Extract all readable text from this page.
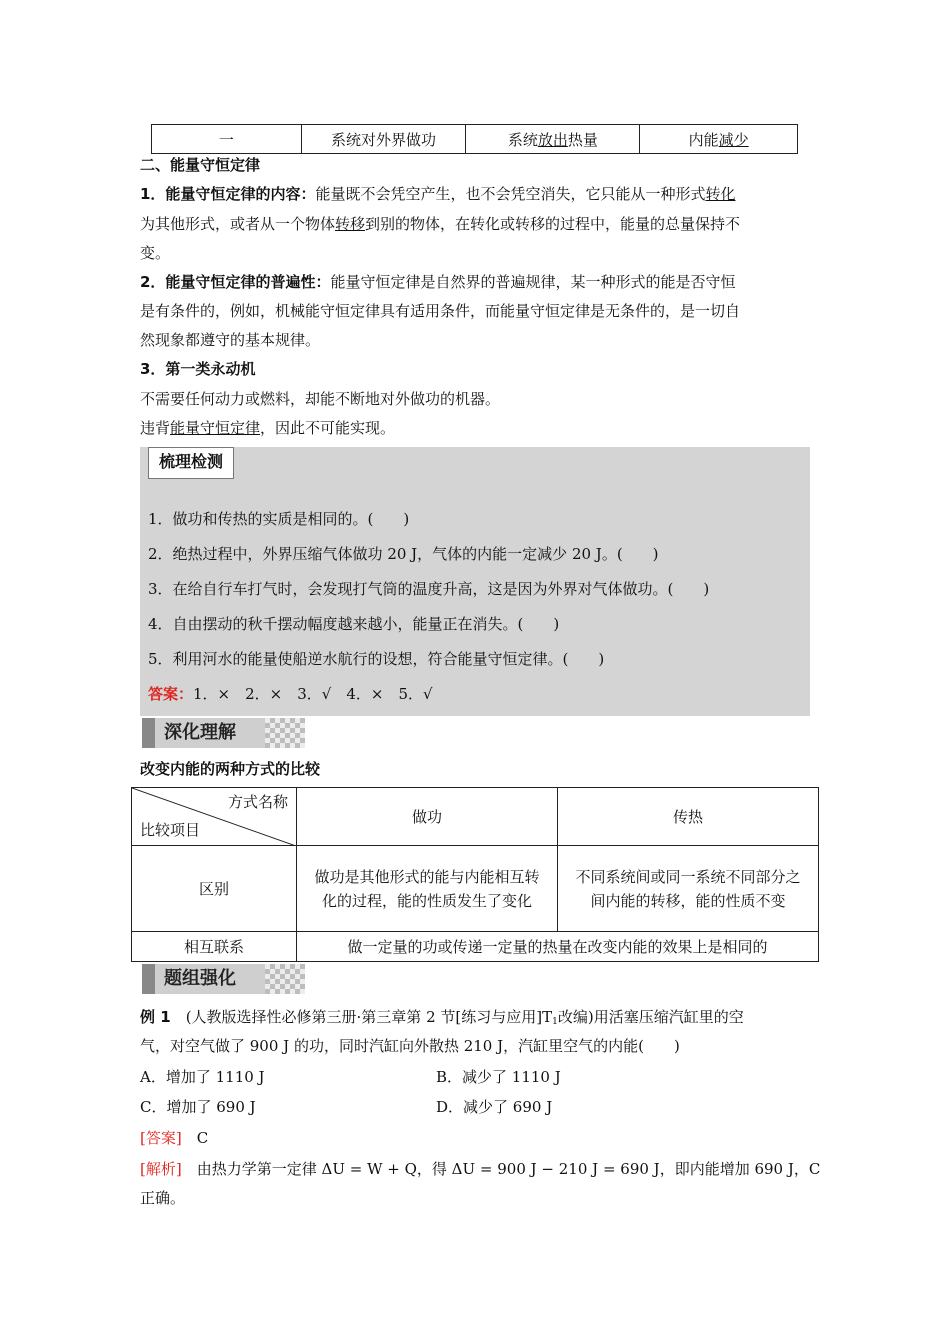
一	系统对外界做功	系统放出热量	内能减少
二、能量守恒定律
1．能量守恒定律的内容：能量既不会凭空产生，也不会凭空消失，它只能从一种形式转化
为其他形式，或者从一个物体转移到别的物体，在转化或转移的过程中，能量的总量保持不
变。
2．能量守恒定律的普遍性：能量守恒定律是自然界的普遍规律，某一种形式的能是否守恒
是有条件的，例如，机械能守恒定律具有适用条件，而能量守恒定律是无条件的，是一切自
然现象都遵守的基本规律。
3．第一类永动机
不需要任何动力或燃料，却能不断地对外做功的机器。
违背能量守恒定律，因此不可能实现。
梳理检测
1．做功和传热的实质是相同的。(　　)
2．绝热过程中，外界压缩气体做功 20 J，气体的内能一定减少 20 J。(　　)
3．在给自行车打气时，会发现打气筒的温度升高，这是因为外界对气体做功。(　　)
4．自由摆动的秋千摆动幅度越来越小，能量正在消失。(　　)
5．利用河水的能量使船逆水航行的设想，符合能量守恒定律。(　　)
答案：1．×　2．×　3．√　4．×　5．√
深化理解
改变内能的两种方式的比较
方式名称
比较项目	做功	传热
区别	做功是其他形式的能与内能相互转化的过程，能的性质发生了变化	不同系统间或同一系统不同部分之间内能的转移，能的性质不变
相互联系	做一定量的功或传递一定量的热量在改变内能的效果上是相同的	
题组强化
例 1　 (人教版选择性必修第三册·第三章第 2 节[练习与应用]$T_1$改编)用活塞压缩汽缸里的空
气，对空气做了 900 J 的功，同时汽缸向外散热 210 J，汽缸里空气的内能(　　)
A．增加了 1110 J	B．减少了 1110 J
C．增加了 690 J	D．减少了 690 J
[答案]　 C
[解析]　 由热力学第一定律 ΔU = W + Q，得 ΔU = 900 J − 210 J = 690 J，即内能增加 690 J，C
正确。
